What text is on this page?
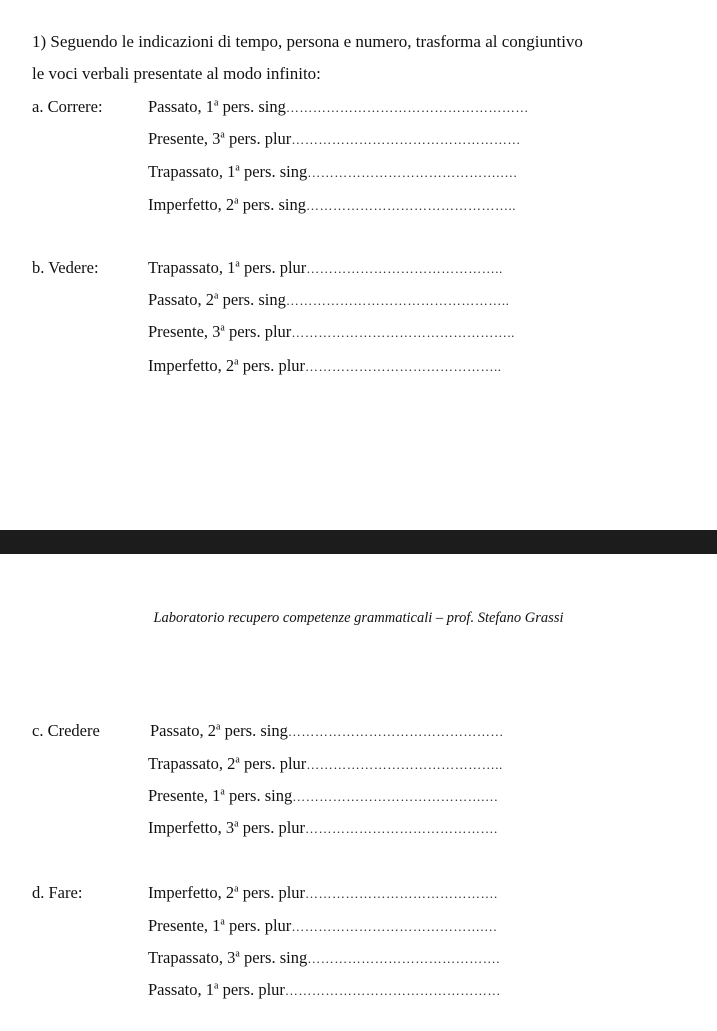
1) Seguendo le indicazioni di tempo, persona e numero, trasforma al congiuntivo
le voci verbali presentate al modo infinito:
a. Correre:	Passato, 1$^a$ pers. sing ………………………………………………
Presente, 3$^a$ pers. plur ……………………………………………
Trapassato, 1$^a$ pers. sing …………………………………….….
Imperfetto, 2$^a$ pers. sing ………………………………………..
b. Vedere:	Trapassato, 1$^a$ pers. plur ……………………………………..
Passato, 2$^a$ pers. sing …………………………………………..
Presente, 3$^a$ pers. plur …………………………………………..
Imperfetto, 2$^a$ pers. plur ……………………………………..
Laboratorio recupero competenze grammaticali – prof. Stefano Grassi
c. Credere	Passato, 2$^a$ pers. sing …………………………………………
Trapassato, 2$^a$ pers. plur ……………………………………..
Presente, 1$^a$ pers. sing …………………………………….…
Imperfetto, 3$^a$ pers. plur …………………………………….
d. Fare:	Imperfetto, 2$^a$ pers. plur …………………………………….
Presente, 1$^a$ pers. plur …………………………………….…
Trapassato, 3$^a$ pers. sing …………………………………….
Passato, 1$^a$ pers. plur …………………………………………
